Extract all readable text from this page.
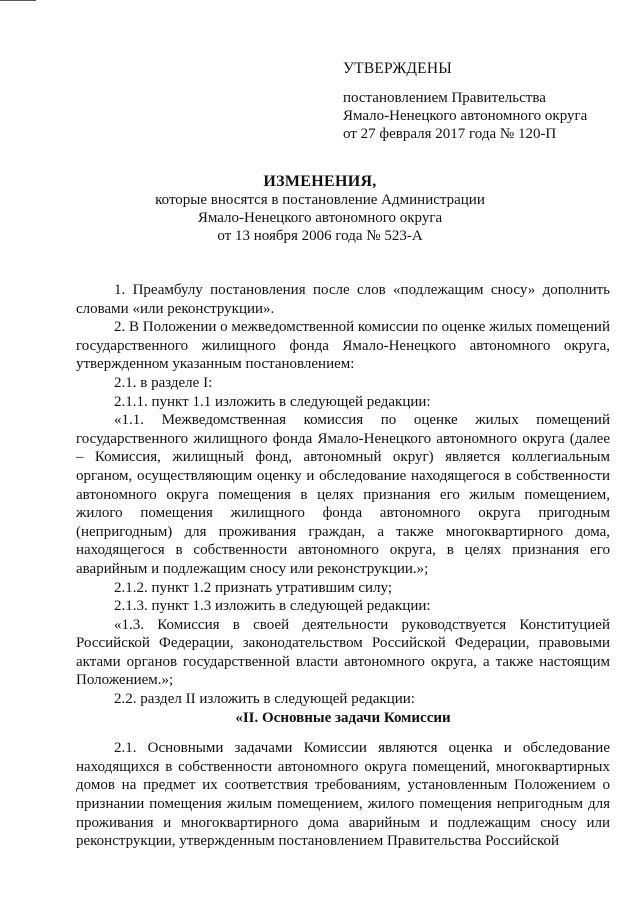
УТВЕРЖДЕНЫ
постановлением Правительства
Ямало-Ненецкого автономного округа
от 27 февраля 2017 года № 120-П
ИЗМЕНЕНИЯ,
которые вносятся в постановление Администрации
Ямало-Ненецкого автономного округа
от 13 ноября 2006 года № 523-А

1. Преамбулу постановления после слов «подлежащим сносу» дополнить словами «или реконструкции».

2. В Положении о межведомственной комиссии по оценке жилых помещений государственного жилищного фонда Ямало-Ненецкого автономного округа, утвержденном указанным постановлением:

2.1. в разделе I:

2.1.1. пункт 1.1 изложить в следующей редакции:

«1.1. Межведомственная комиссия по оценке жилых помещений государственного жилищного фонда Ямало-Ненецкого автономного округа (далее – Комиссия, жилищный фонд, автономный округ) является коллегиальным органом, осуществляющим оценку и обследование находящегося в собственности автономного округа помещения в целях признания его жилым помещением, жилого помещения жилищного фонда автономного округа пригодным (непригодным) для проживания граждан, а также многоквартирного дома, находящегося в собственности автономного округа, в целях признания его аварийным и подлежащим сносу или реконструкции.»;

2.1.2. пункт 1.2 признать утратившим силу;

2.1.3. пункт 1.3 изложить в следующей редакции:

«1.3. Комиссия в своей деятельности руководствуется Конституцией Российской Федерации, законодательством Российской Федерации, правовыми актами органов государственной власти автономного округа, а также настоящим Положением.»;

2.2. раздел II изложить в следующей редакции:

«II. Основные задачи Комиссии

2.1. Основными задачами Комиссии являются оценка и обследование находящихся в собственности автономного округа помещений, многоквартирных домов на предмет их соответствия требованиям, установленным Положением о признании помещения жилым помещением, жилого помещения непригодным для проживания и многоквартирного дома аварийным и подлежащим сносу или реконструкции, утвержденным постановлением Правительства Российской
